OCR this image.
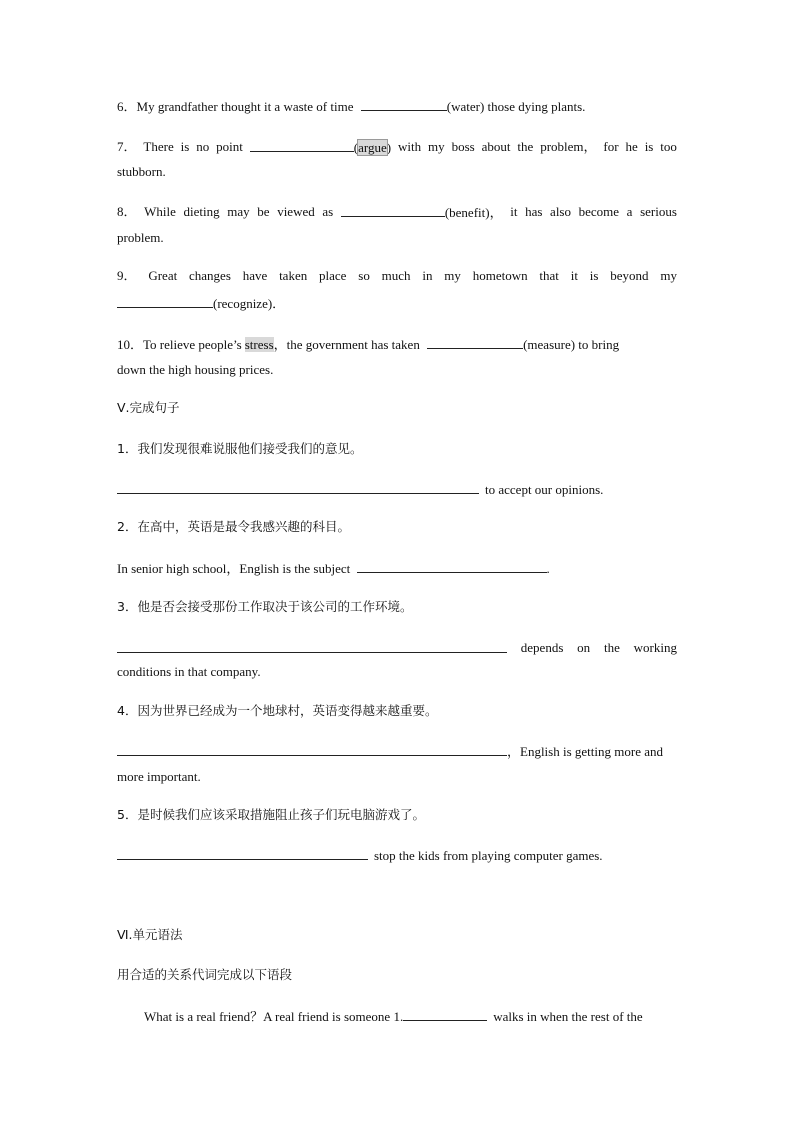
6．My grandfather thought it a waste of time	(water) those dying plants.
7． There is no point	(argue) with my boss about the problem， for he is too
stubborn.
8． While dieting may be viewed as	(benefit)， it has also become a serious
problem.
9． Great changes have taken place so much in my hometown that it is beyond my
(recognize)．
10．To relieve people’s stress，the government has taken	(measure) to bring
down the high housing prices.
Ⅴ.完成句子
1．我们发现很难说服他们接受我们的意见。
to accept our opinions.
2．在高中，英语是最令我感兴趣的科目。
In senior high school，English is the subject	.
3．他是否会接受那份工作取决于该公司的工作环境。
depends on the working
conditions in that company.
4．因为世界已经成为一个地球村，英语变得越来越重要。
，English is getting more and
more important.
5．是时候我们应该采取措施阻止孩子们玩电脑游戏了。
stop the kids from playing computer games.
Ⅵ.单元语法
用合适的关系代词完成以下语段
What is a real friend？A real friend is someone 1.	walks in when the rest of the
